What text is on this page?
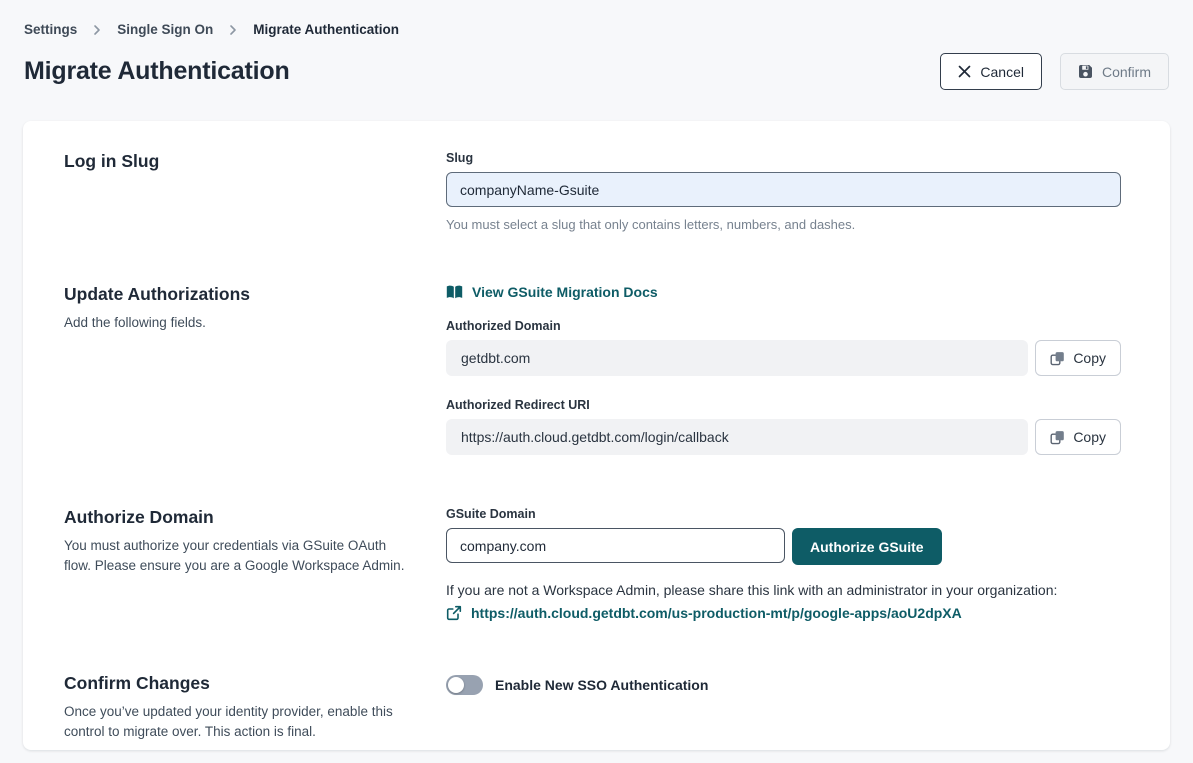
Settings	Single Sign On	Migrate Authentication
Migrate Authentication	Cancel	Confirm
Log in Slug	Slug
companyName-Gsuite
You must select a slug that only contains letters, numbers, and dashes.
Update Authorizations

Add the following fields.

View GSuite Migration Docs
Authorized Domain
getdbt.com	Copy
Authorized Redirect URI
https://auth.cloud.getdbt.com/login/callback	Copy
Authorize Domain

You must authorize your credentials via GSuite OAuth flow. Please ensure you are a Google Workspace Admin.

GSuite Domain
company.com
Authorize GSuite
If you are not a Workspace Admin, please share this link with an administrator in your organization:
https://auth.cloud.getdbt.com/us-production-mt/p/google-apps/aoU2dpXA
Confirm Changes

Once you’ve updated your identity provider, enable this control to migrate over. This action is final.

Enable New SSO Authentication
